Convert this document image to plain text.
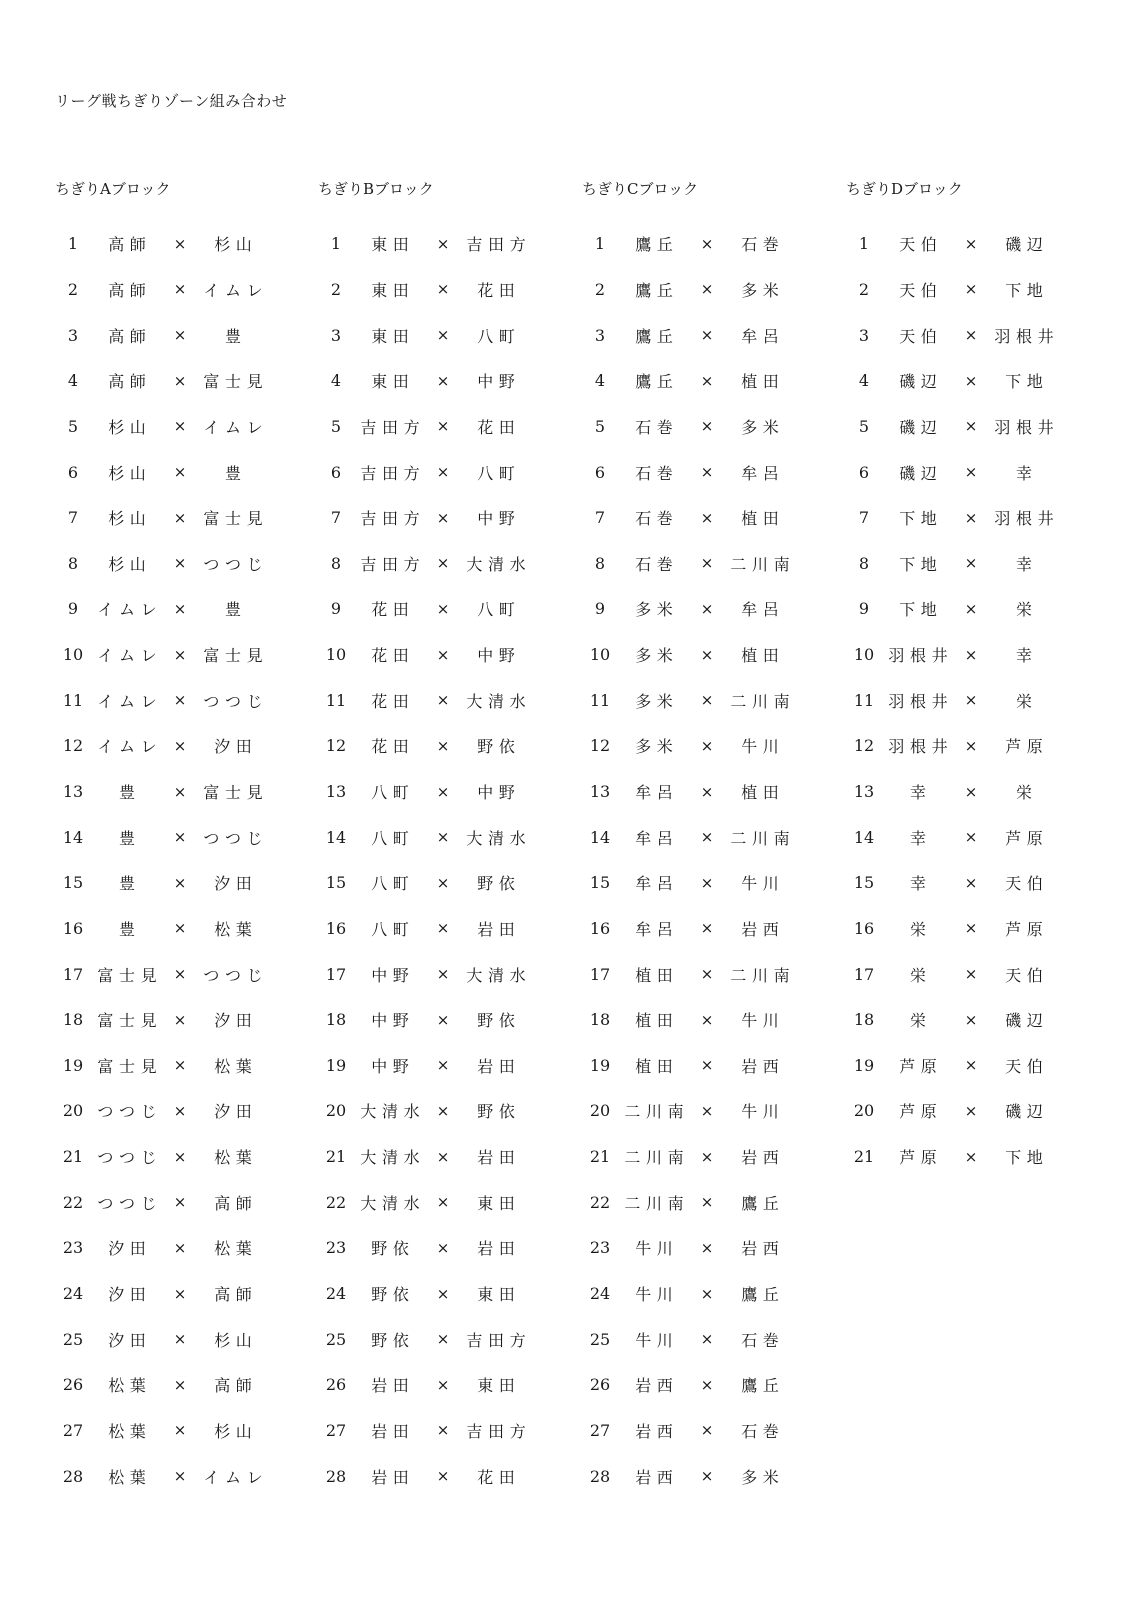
リーグ戦ちぎりゾーン組み合わせ
ちぎりAブロック
1	高師	×	杉山
2	高師	×	イムレ
3	高師	×	豊
4	高師	×	富士見
5	杉山	×	イムレ
6	杉山	×	豊
7	杉山	×	富士見
8	杉山	×	つつじ
9	イムレ ×	豊
10 イムレ ×	富士見
11 イムレ ×	つつじ
12 イムレ ×	汐田
13	豊	×	富士見
14	豊	×	つつじ
15	豊	×	汐田
16	豊	×	松葉
17 富士見 ×	つつじ
18 富士見 ×	汐田
19 富士見 ×	松葉
20 つつじ ×	汐田
21 つつじ ×	松葉
22 つつじ ×	高師
23	汐田	×	松葉
24	汐田	×	高師
25	汐田	×	杉山
26	松葉	×	高師
27	松葉	×	杉山
28	松葉	×	イムレ
ちぎりBブロック
1	東田	×	吉田方
2	東田	×	花田
3	東田	×	八町
4	東田	×	中野
5	吉田方 ×	花田
6	吉田方 ×	八町
7	吉田方 ×	中野
8	吉田方 ×	大清水
9	花田	×	八町
10	花田	×	中野
11	花田	×	大清水
12	花田	×	野依
13	八町	×	中野
14	八町	×	大清水
15	八町	×	野依
16	八町	×	岩田
17	中野	×	大清水
18	中野	×	野依
19	中野	×	岩田
20 大清水 ×	野依
21 大清水 ×	岩田
22 大清水 ×	東田
23	野依	×	岩田
24	野依	×	東田
25	野依	×	吉田方
26	岩田	×	東田
27	岩田	×	吉田方
28	岩田	×	花田
ちぎりCブロック
1	鷹丘	×	石巻
2	鷹丘	×	多米
3	鷹丘	×	牟呂
4	鷹丘	×	植田
5	石巻	×	多米
6	石巻	×	牟呂
7	石巻	×	植田
8	石巻	×	二川南
9	多米	×	牟呂
10	多米	×	植田
11	多米	×	二川南
12	多米	×	牛川
13	牟呂	×	植田
14	牟呂	×	二川南
15	牟呂	×	牛川
16	牟呂	×	岩西
17	植田	×	二川南
18	植田	×	牛川
19	植田	×	岩西
20 二川南 ×	牛川
21 二川南 ×	岩西
22 二川南 ×	鷹丘
23	牛川	×	岩西
24	牛川	×	鷹丘
25	牛川	×	石巻
26	岩西	×	鷹丘
27	岩西	×	石巻
28	岩西	×	多米
ちぎりDブロック
1	天伯	×	磯辺
2	天伯	×	下地
3	天伯	×	羽根井
4	磯辺	×	下地
5	磯辺	×	羽根井
6	磯辺	×	幸
7	下地	×	羽根井
8	下地	×	幸
9	下地	×	栄
10 羽根井 ×	幸
11 羽根井 ×	栄
12 羽根井 ×	芦原
13	幸	×	栄
14	幸	×	芦原
15	幸	×	天伯
16	栄	×	芦原
17	栄	×	天伯
18	栄	×	磯辺
19	芦原	×	天伯
20	芦原	×	磯辺
21	芦原	×	下地
